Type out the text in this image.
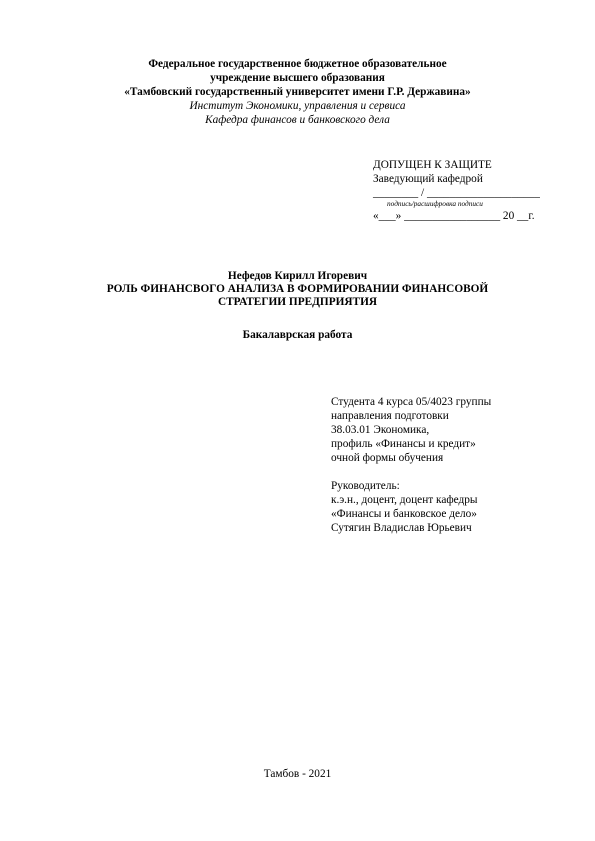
Федеральное государственное бюджетное образовательное
учреждение высшего образования
«Тамбовский государственный университет имени Г.Р. Державина»
Институт Экономики, управления и сервиса
Кафедра финансов и банковского дела
ДОПУЩЕН К ЗАЩИТЕ
Заведующий кафедрой
________ / ____________________
подпись/расшифровка подписи
«___» _________________ 20 __г.
Нефедов Кирилл Игоревич
РОЛЬ ФИНАНСВОГО АНАЛИЗА В ФОРМИРОВАНИИ ФИНАНСОВОЙ
СТРАТЕГИИ ПРЕДПРИЯТИЯ
Бакалаврская работа
Студента 4 курса 05/4023 группы
направления подготовки
38.03.01 Экономика,
профиль «Финансы и кредит»
очной формы обучения
Руководитель:
к.э.н., доцент, доцент кафедры
«Финансы и банковское дело»
Сутягин Владислав Юрьевич
Тамбов - 2021
